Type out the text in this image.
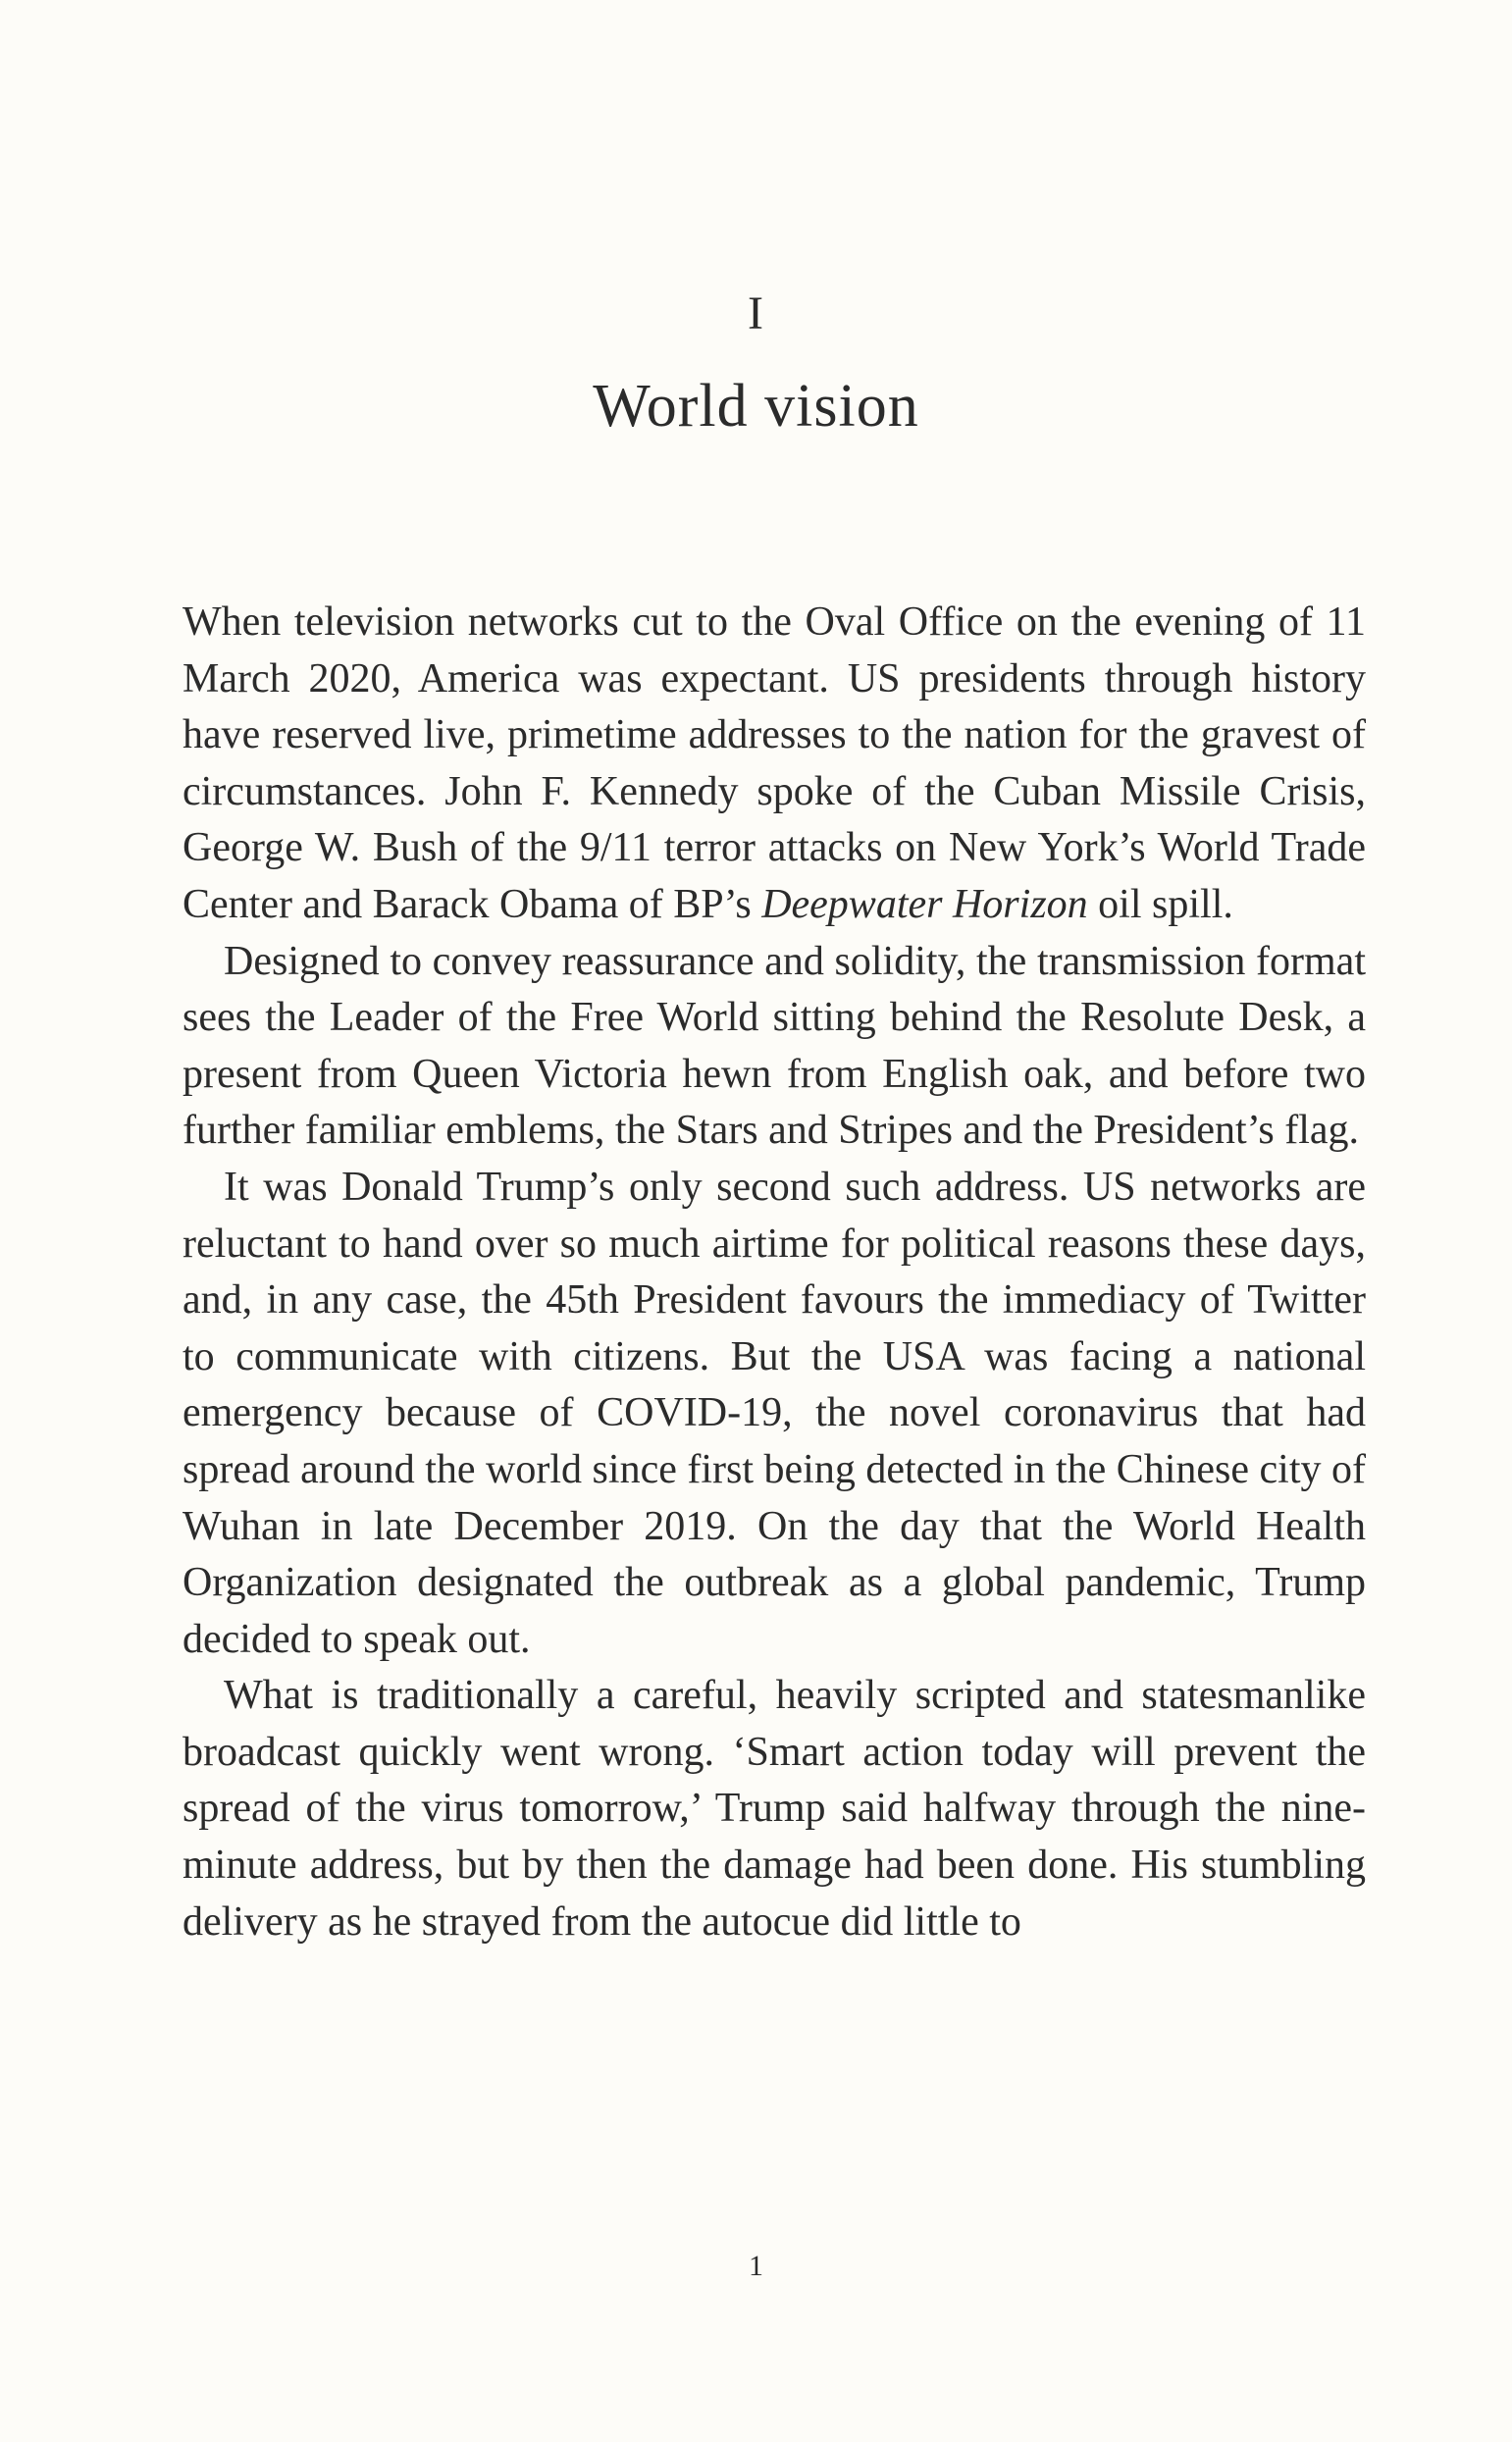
I
World vision

When television networks cut to the Oval Office on the evening of 11 March 2020, America was expectant. US presidents through history have reserved live, primetime addresses to the nation for the gravest of circumstances. John F. Kennedy spoke of the Cuban Missile Crisis, George W. Bush of the 9/11 terror attacks on New York’s World Trade Center and Barack Obama of BP’s Deepwater Horizon oil spill.

Designed to convey reassurance and solidity, the transmission format sees the Leader of the Free World sitting behind the Resolute Desk, a present from Queen Victoria hewn from English oak, and before two further familiar emblems, the Stars and Stripes and the President’s flag.

It was Donald Trump’s only second such address. US networks are reluctant to hand over so much airtime for political reasons these days, and, in any case, the 45th President favours the immediacy of Twitter to communicate with citizens. But the USA was facing a national emergency because of COVID-19, the novel coronavirus that had spread around the world since first being detected in the Chinese city of Wuhan in late December 2019. On the day that the World Health Organization designated the outbreak as a global pandemic, Trump decided to speak out.

What is traditionally a careful, heavily scripted and statesmanlike broadcast quickly went wrong. ‘Smart action today will prevent the spread of the virus tomorrow,’ Trump said halfway through the nine-minute address, but by then the damage had been done. His stumbling delivery as he strayed from the autocue did little to

1
